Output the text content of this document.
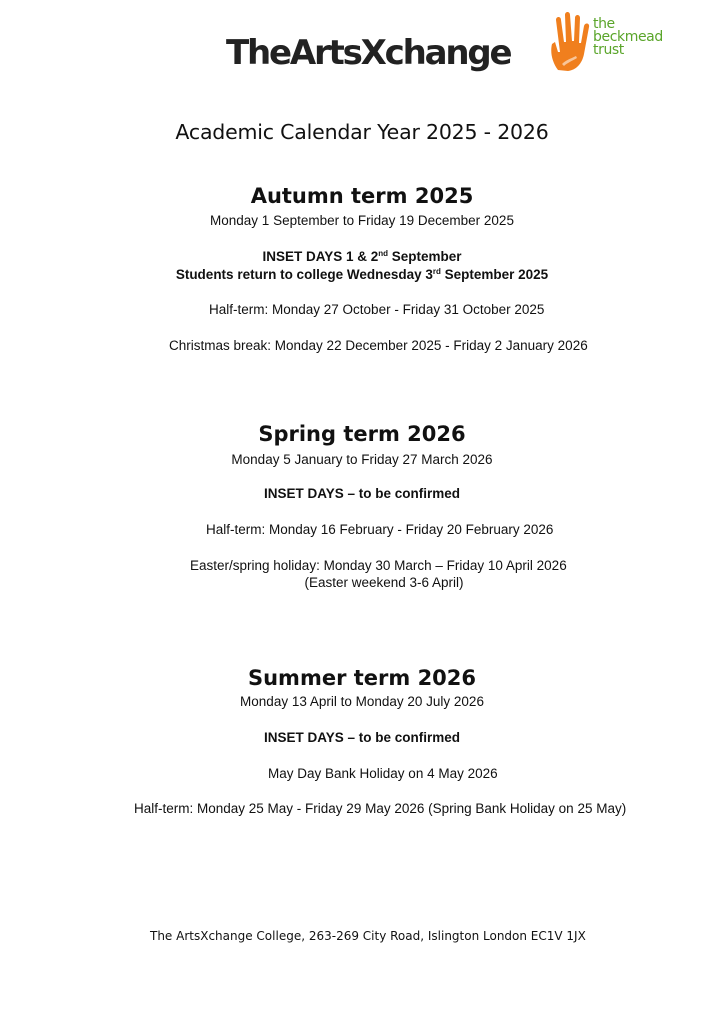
TheArtsXchange
the
beckmead
trust
Academic Calendar Year 2025 - 2026
Autumn term 2025
Monday 1 September to Friday 19 December 2025
INSET DAYS 1 & 2nd September
Students return to college Wednesday 3rd September 2025
Half-term: Monday 27 October - Friday 31 October 2025
Christmas break: Monday 22 December 2025 - Friday 2 January 2026
Spring term 2026
Monday 5 January to Friday 27 March 2026
INSET DAYS – to be confirmed
Half-term: Monday 16 February - Friday 20 February 2026
Easter/spring holiday: Monday 30 March – Friday 10 April 2026
(Easter weekend 3-6 April)
Summer term 2026
Monday 13 April to Monday 20 July 2026
INSET DAYS – to be confirmed
May Day Bank Holiday on 4 May 2026
Half-term: Monday 25 May - Friday 29 May 2026 (Spring Bank Holiday on 25 May)
The ArtsXchange College, 263-269 City Road, Islington London EC1V 1JX
